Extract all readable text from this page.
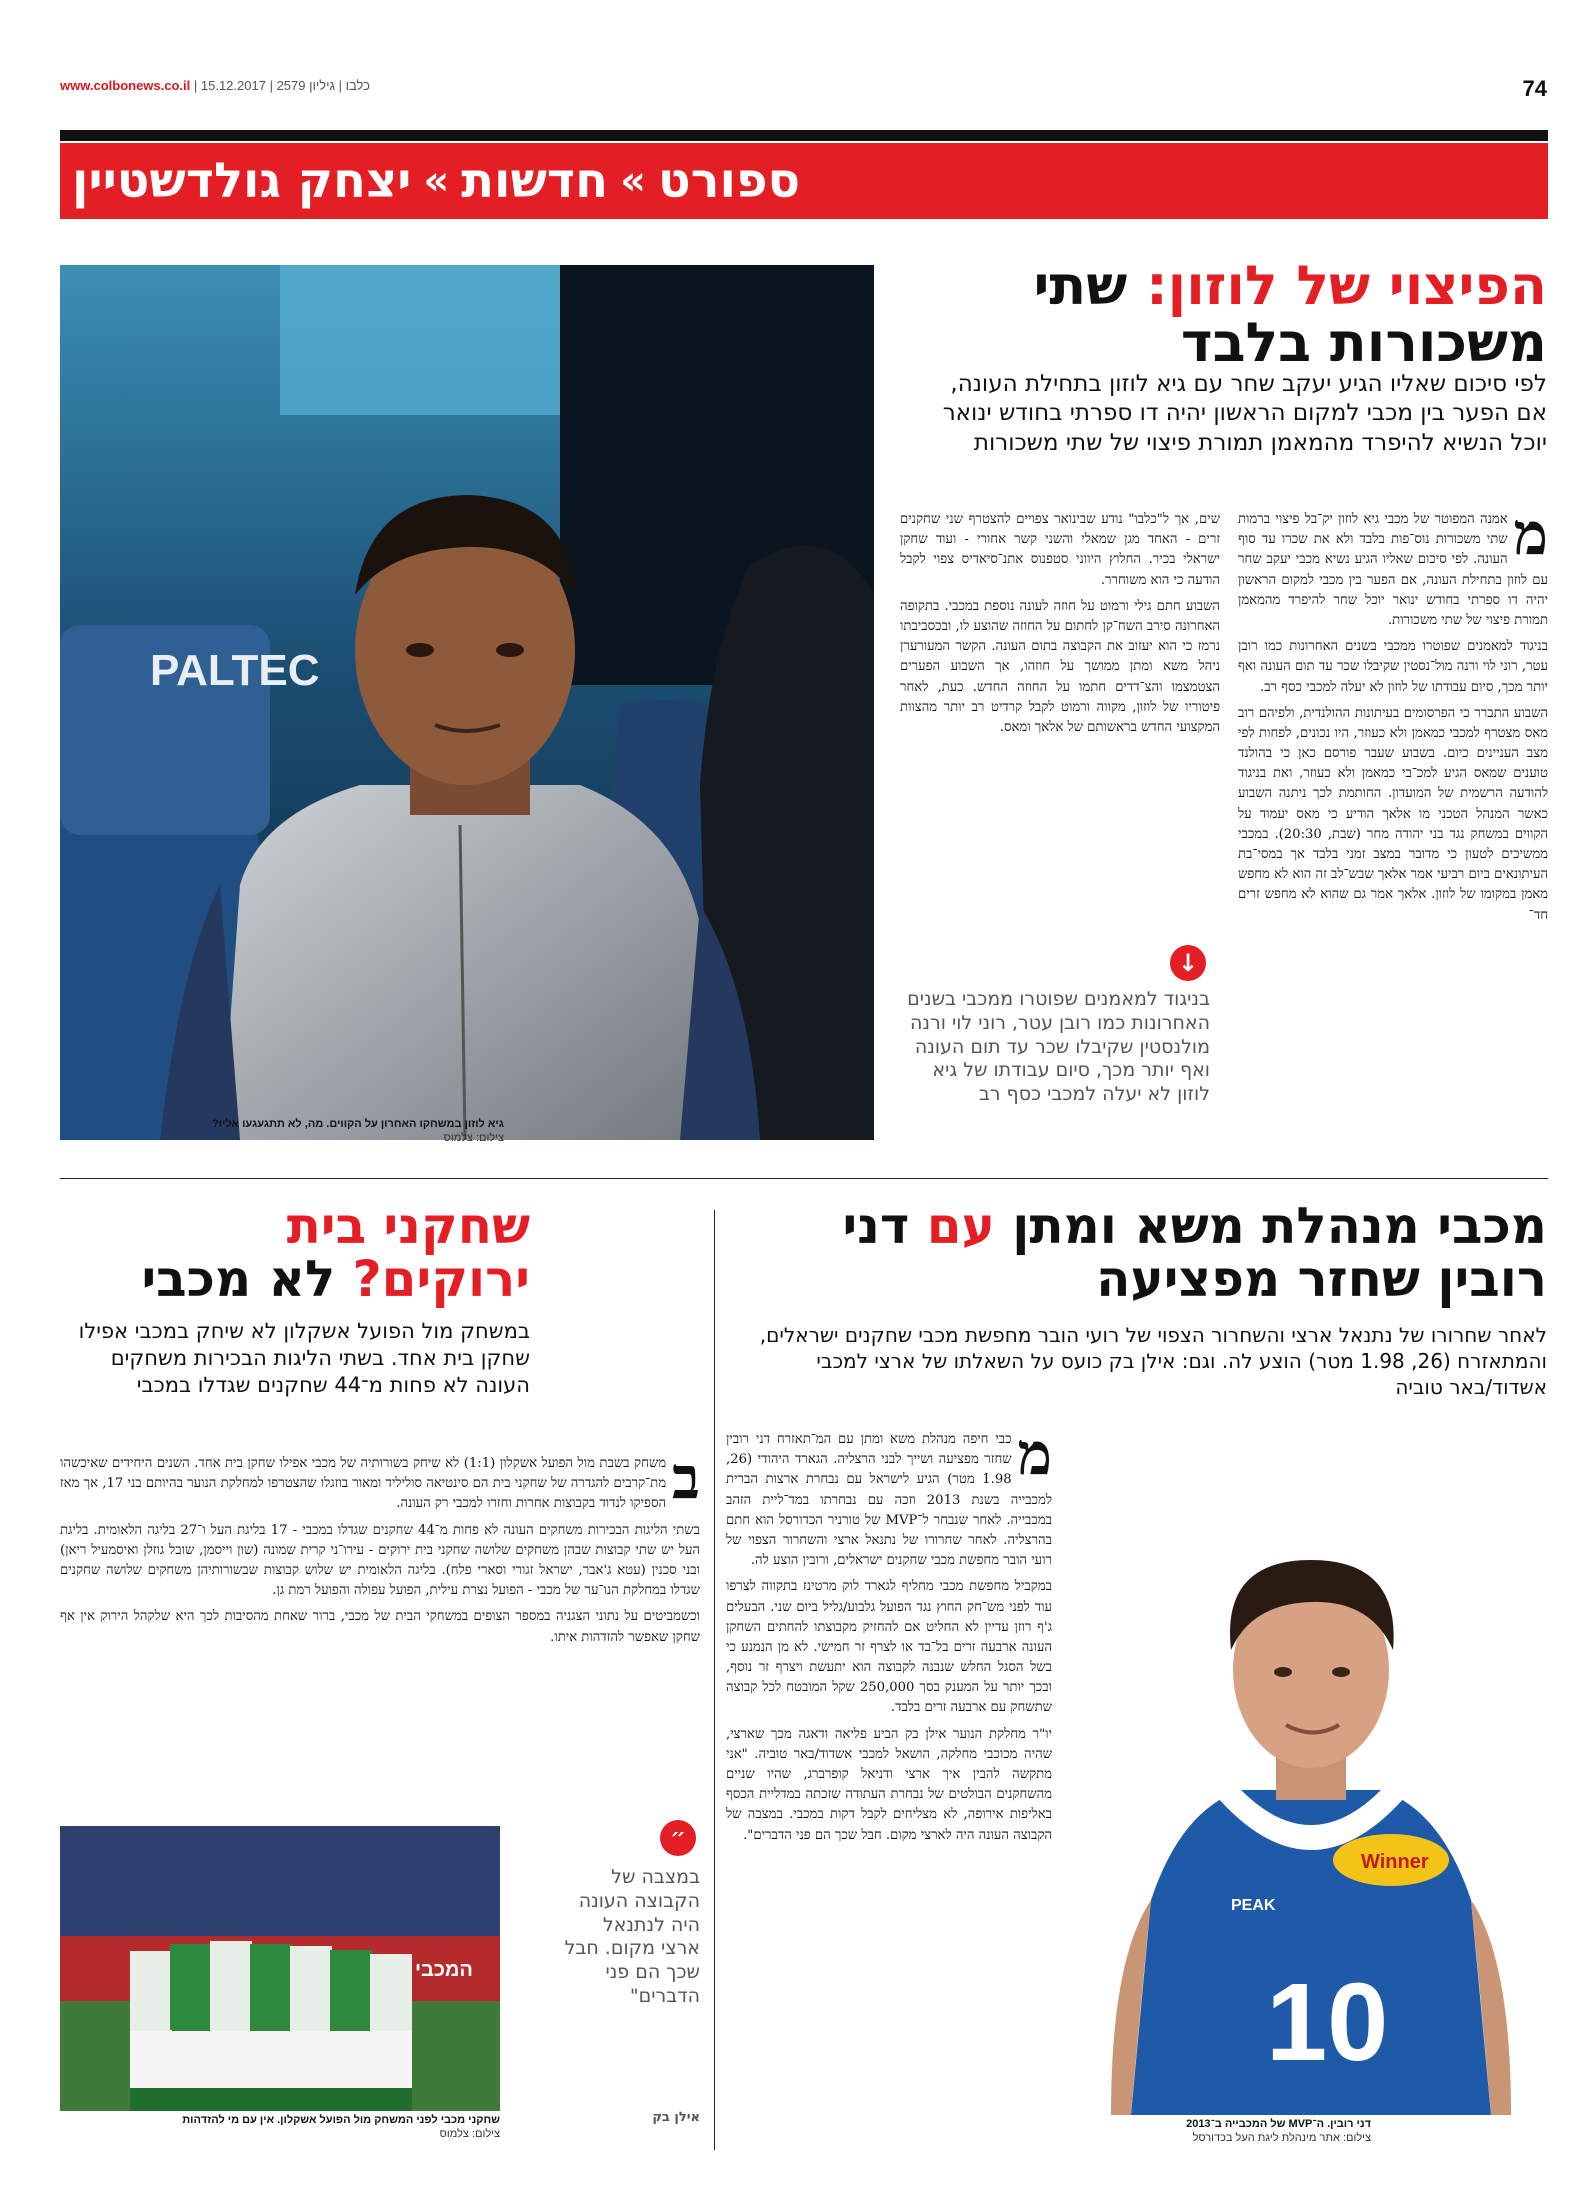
www.colbonews.co.il | כלבו | גיליון 2579 | 15.12.2017	74
ספורט
»
חדשות
»
יצחק גולדשטיין
PALTEC
גיא לוזון במשחקו האחרון על הקווים. מה, לא תתגעגעו אליו?
צילום: צלמוס
הפיצוי של לוזון: שתי
משכורות בלבד
לפי סיכום שאליו הגיע יעקב שחר עם גיא לוזון בתחילת העונה, אם הפער בין מכבי למקום הראשון יהיה דו ספרתי בחודש ינואר יוכל הנשיא להיפרד מהמאמן תמורת פיצוי של שתי משכורות
מ

אמנה המפוטר של מכבי גיא לוזון יק־בל פיצוי ברמות שתי משכורות נוס־פות בלבד ולא את שכרו עד סוף העונה. לפי סיכום שאליו הגיע נשיא מכבי יעקב שחר עם לוזון בתחילת העונה, אם הפער בין מכבי למקום הראשון יהיה דו ספרתי בחודש ינואר יוכל שחר להיפרד מהמאמן תמורת פיצוי של שתי משכורות.

בניגוד למאמנים שפוטרו ממכבי בשנים האחרונות כמו רובן עטר, רוני לוי ורנה מול־נסטין שקיבלו שכר עד תום העונה ואף יותר מכך, סיום עבודתו של לוזון לא יעלה למכבי כסף רב.

השבוע התברר כי הפרסומים בעיתונות ההולנדית, ולפיהם רוב מאס מצטרף למכבי כמאמן ולא כעוזר, היו נכונים, לפחות לפי מצב העניינים כיום. בשבוע שעבר פורסם כאן כי בהולנד טוענים שמאס הגיע למכ־בי כמאמן ולא כעוזר, ואת בניגוד להודעה הרשמית של המועדון. החותמת לכך ניתנה השבוע כאשר המנהל הטכני מו אלאך הודיע כי מאס יעמוד על הקווים במשחק נגד בני יהודה מחר (שבת, 20:30). במכבי ממשיכים לטעון כי מדובר במצב זמני בלבד אך במסי־בת העיתונאים ביום רביעי אמר אלאך שבש־לב זה הוא לא מחפש מאמן במקומו של לוזון. אלאך אמר גם שהוא לא מחפש זרים חד־

שים, אך ל"כלבו" נודע שבינואר צפויים להצטרף שני שחקנים זרים - האחד מגן שמאלי והשני קשר אחורי - ועוד שחקן ישראלי בכיר. החלוץ היווני סטפנוס אתנ־סיאדיס צפוי לקבל הודעה כי הוא משוחרר.

השבוע חתם גילי ורמוט על חוזה לעונה נוספת במכבי. בתקופה האחרונה סירב השח־קן לחתום על החוזה שהוצע לו, ובכסביבתו נרמז כי הוא יעזוב את הקבוצה בתום העונה. הקשר המעורערן ניהל משא ומתן ממושך על חוזהו, אך השבוע הפערים הצטמצמו והצ־דדים חתמו על החוזה החדש. כעת, לאחר פיטוריו של לוזון, מקווה ורמוט לקבל קרדיט רב יותר מהצוות המקצועי החדש בראשותם של אלאך ומאס.

↓
בניגוד למאמנים שפוטרו ממכבי בשנים האחרונות כמו רובן עטר, רוני לוי ורנה מולנסטין שקיבלו שכר עד תום העונה ואף יותר מכך, סיום עבודתו של גיא לוזון לא יעלה למכבי כסף רב
מכבי מנהלת משא ומתן עם דני
רובין שחזר מפציעה
לאחר שחרורו של נתנאל ארצי והשחרור הצפוי של רועי הובר מחפשת מכבי שחקנים ישראלים, והמתאזרח (26, 1.98 מטר) הוצע לה. וגם: אילן בק כועס על השאלתו של ארצי למכבי אשדוד/באר טוביה
מ

כבי חיפה מנהלת משא ומתן עם המ־תאזרח דני רובין שחזר מפציעה ושייך לבני הרצליה. הגארד היהודי (26, 1.98 מטר) הגיע לישראל עם נבחרת ארצות הברית למכבייה בשנת 2013 וזכה עם נבחרתו במד־ליית הזהב במכבייה. לאחר שנבחר ל־MVP של טורניר הכדורסל הוא חתם בהרצליה. לאחר שחרורו של נתנאל ארצי והשחרור הצפוי של רועי הובר מחפשת מכבי שחקנים ישראלים, ורובין הוצע לה.

במקביל מחפשת מכבי מחליף לגארד לוק מרטינז בתקווה לצרפו עוד לפני מש־חק החוץ נגד הפועל גלבוע/גליל ביום שני. הבעלים ג'ף רוזן עדיין לא החליט אם להחזיק מקבוצתו להחתים השחקן העונה ארבעה זרים בל־בד או לצרף זר חמישי. לא מן הנמנע כי בשל הסגל החלש שנבנה לקבוצה הוא יתעשת ויצרף זר נוסף, ובכך יותר על המענק בסך 250,000 שקל המובטח לכל קבוצה שתשחק עם ארבעה זרים בלבד.

יו"ר מחלקת הנוער אילן בק הביע פליאה ודאגה מכך שארצי, שהיה מכוכבי מחלקה, הושאל למכבי אשדוד/באר טוביה. "אני מתקשה להבין איך ארצי ודניאל קופרברג, שהיו שניים מהשחקנים הבולטים של נבחרת העתודה שזכתה במדליית הכסף באליפות אירופה, לא מצליחים לקבל דקות במכבי. במצבה של הקבוצה העונה היה לארצי מקום. חבל שכך הם פני הדברים".

Winner
PEAK
10
דני רובין. ה־MVP של המכבייה ב־2013
צילום: אתר מינהלת ליגת העל בכדורסל
״
במצבה של הקבוצה העונה היה לנתנאל ארצי מקום. חבל שכך הם פני הדברים"
אילן בק
שחקני בית
ירוקים? לא מכבי
במשחק מול הפועל אשקלון לא שיחק במכבי אפילו שחקן בית אחד. בשתי הליגות הבכירות משחקים העונה לא פחות מ־44 שחקנים שגדלו במכבי
ב

משחק בשבת מול הפועל אשקלון (1:1) לא שיחק בשורותיה של מכבי אפילו שחקן בית אחד. השנים היחידים שאיכשהו מת־קרבים להגדרה של שחקני בית הם סינטיאה סוליליד ומאור בוזגלו שהצטרפו למחלקת הנוער בהיותם בני 17, אך מאז הספיקו לנדוד בקבוצות אחרות וחזרו למכבי רק העונה.

בשתי הליגות הבכירות משחקים העונה לא פחות מ־44 שחקנים שגדלו במכבי - 17 בליגת העל ו־27 בליגה הלאומית. בליגת העל יש שתי קבוצות שבהן משחקים שלושה שחקני בית ירוקים - עירו־ני קרית שמונה (שון וייסמן, שובל גוזלן ואיסמעיל ריאן) ובני סכנין (עטא ג'אבר, ישראל זגורי וסארי פלח). בליגה הלאומית יש שלוש קבוצות שבשורותיהן משחקים שלושה שחקנים שגדלו במחלקת הנו־ער של מכבי - הפועל נצרת עילית, הפועל עפולה והפועל רמת גן.

וכשמביטים על נתוני הצגניה במספר הצופים במשחקי הבית של מכבי, ברור שאחת מהסיבות לכך היא שלקהל הירוק אין אף שחקן שאפשר להזדהות איתו.

המכבי
שחקני מכבי לפני המשחק מול הפועל אשקלון. אין עם מי להזדהות
צילום: צלמוס
